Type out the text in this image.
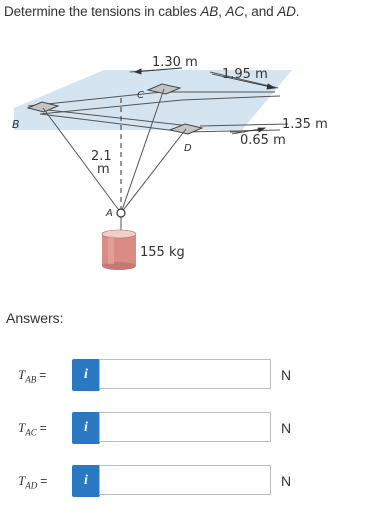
Determine the tensions in cables AB, AC, and AD.
1.30 m
1.95 m
1.35 m
0.65 m
2.1
m
B
C
D
A
155 kg
Answers:
$T_{AB}$ =	i	N
$T_{AC}$ =	i	N
$T_{AD}$ =	i	N
